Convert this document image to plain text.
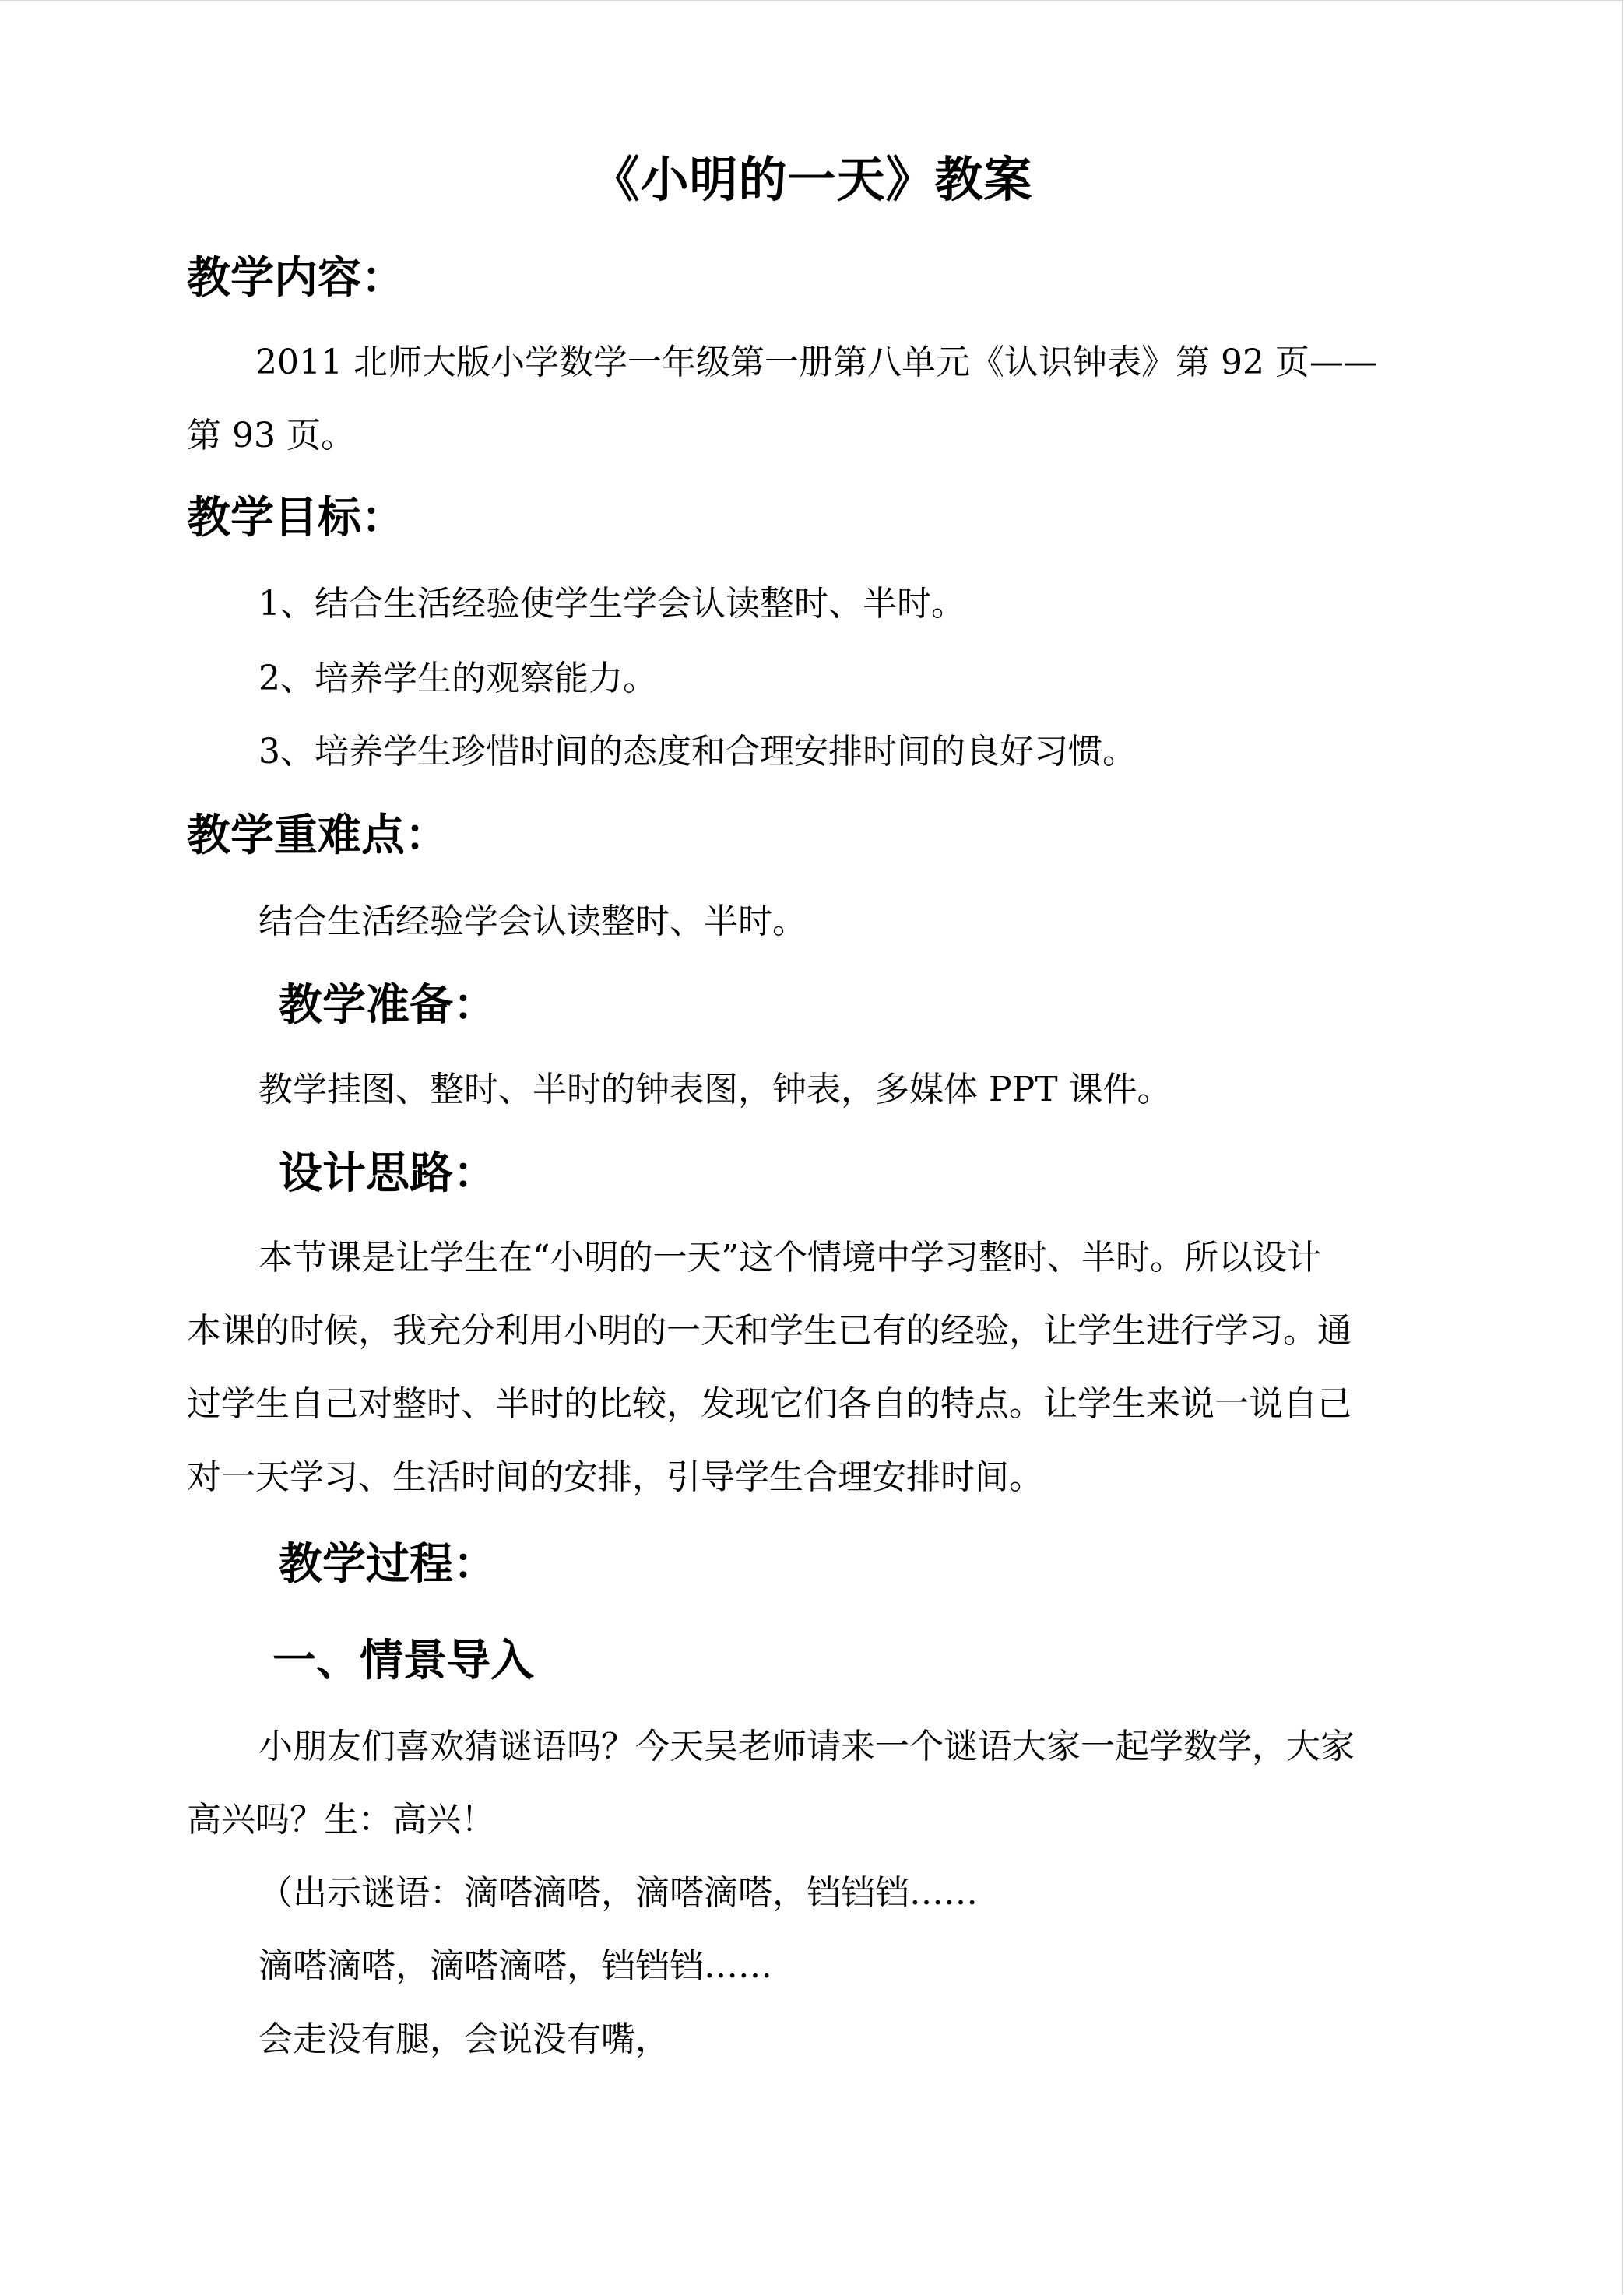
《小明的一天》教案
教学内容：
2011 北师大版小学数学一年级第一册第八单元《认识钟表》第 92 页——
第 93 页。
教学目标：
1、结合生活经验使学生学会认读整时、半时。
2、培养学生的观察能力。
3、培养学生珍惜时间的态度和合理安排时间的良好习惯。
教学重难点：
结合生活经验学会认读整时、半时。
教学准备：
教学挂图、整时、半时的钟表图，钟表，多媒体 PPT 课件。
设计思路：
本节课是让学生在“小明的一天”这个情境中学习整时、半时。所以设计
本课的时候，我充分利用小明的一天和学生已有的经验，让学生进行学习。通
过学生自己对整时、半时的比较，发现它们各自的特点。让学生来说一说自己
对一天学习、生活时间的安排，引导学生合理安排时间。
教学过程：
一、情景导入
小朋友们喜欢猜谜语吗？今天吴老师请来一个谜语大家一起学数学，大家
高兴吗？生：高兴！
（出示谜语：滴嗒滴嗒，滴嗒滴嗒，铛铛铛……
滴嗒滴嗒，滴嗒滴嗒，铛铛铛……
会走没有腿，会说没有嘴，
